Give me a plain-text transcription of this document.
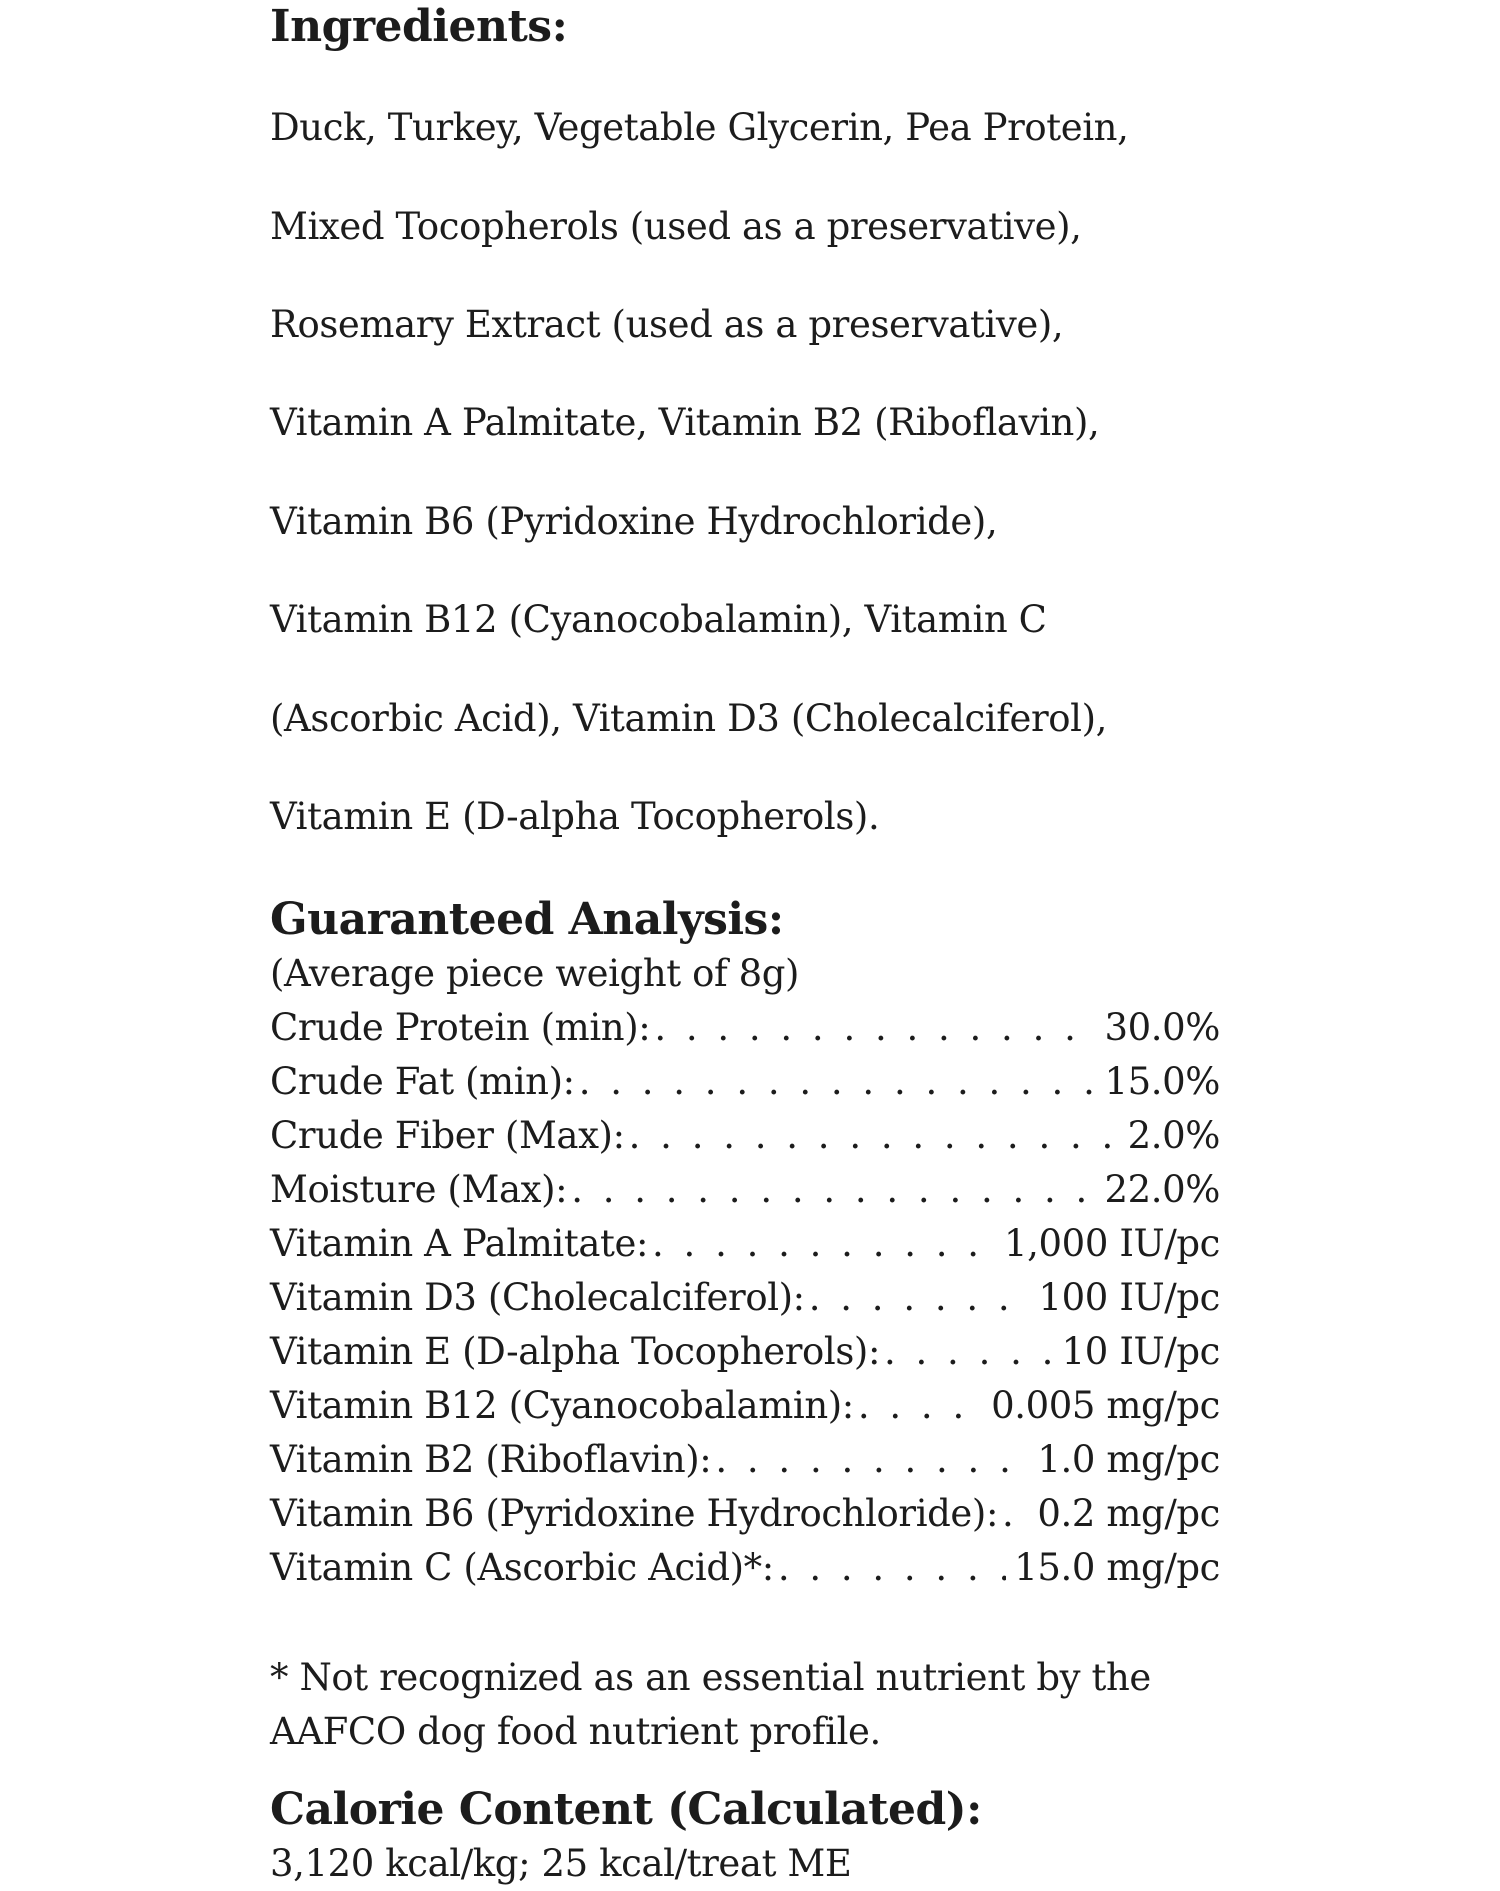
Ingredients:

Duck, Turkey, Vegetable Glycerin, Pea Protein,

Mixed Tocopherols (used as a preservative),

Rosemary Extract (used as a preservative),

Vitamin A Palmitate, Vitamin B2 (Riboflavin),

Vitamin B6 (Pyridoxine Hydrochloride),

Vitamin B12 (Cyanocobalamin), Vitamin C

(Ascorbic Acid), Vitamin D3 (Cholecalciferol),

Vitamin E (D-alpha Tocopherols).

Guaranteed Analysis:

(Average piece weight of 8g)

Crude Protein (min): . . .	30.0%
Crude Fat (min): . . .	15.0%
Crude Fiber (Max): . . .	2.0%
Moisture (Max): . . .	22.0%
Vitamin A Palmitate: . . .	1,000 IU/pc
Vitamin D3 (Cholecalciferol): . . .	100 IU/pc
Vitamin E (D-alpha Tocopherols): . . .	10 IU/pc
Vitamin B12 (Cyanocobalamin): . . .	0.005 mg/pc
Vitamin B2 (Riboflavin): . . .	1.0 mg/pc
Vitamin B6 (Pyridoxine Hydrochloride): . . . 0.2 mg/pc
Vitamin C (Ascorbic Acid)*: . . .	15.0 mg/pc

* Not recognized as an essential nutrient by the AAFCO dog food nutrient profile.

Calorie Content (Calculated):

3,120 kcal/kg; 25 kcal/treat ME
